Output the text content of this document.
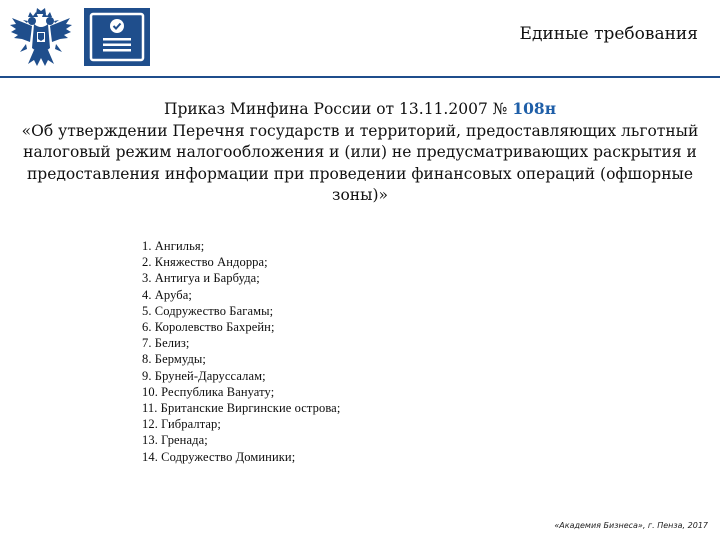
Единые требования
Приказ Минфина России от 13.11.2007 № 108н
«Об утверждении Перечня государств и территорий, предоставляющих льготный налоговый режим налогообложения и (или) не предусматривающих раскрытия и предоставления информации при проведении финансовых операций (офшорные зоны)»
1. Ангилья;
2. Княжество Андорра;
3. Антигуа и Барбуда;
4. Аруба;
5. Содружество Багамы;
6. Королевство Бахрейн;
7. Белиз;
8. Бермуды;
9. Бруней-Даруссалам;
10. Республика Вануату;
11. Британские Виргинские острова;
12. Гибралтар;
13. Гренада;
14. Содружество Доминики;
«Академия Бизнеса», г. Пенза, 2017
